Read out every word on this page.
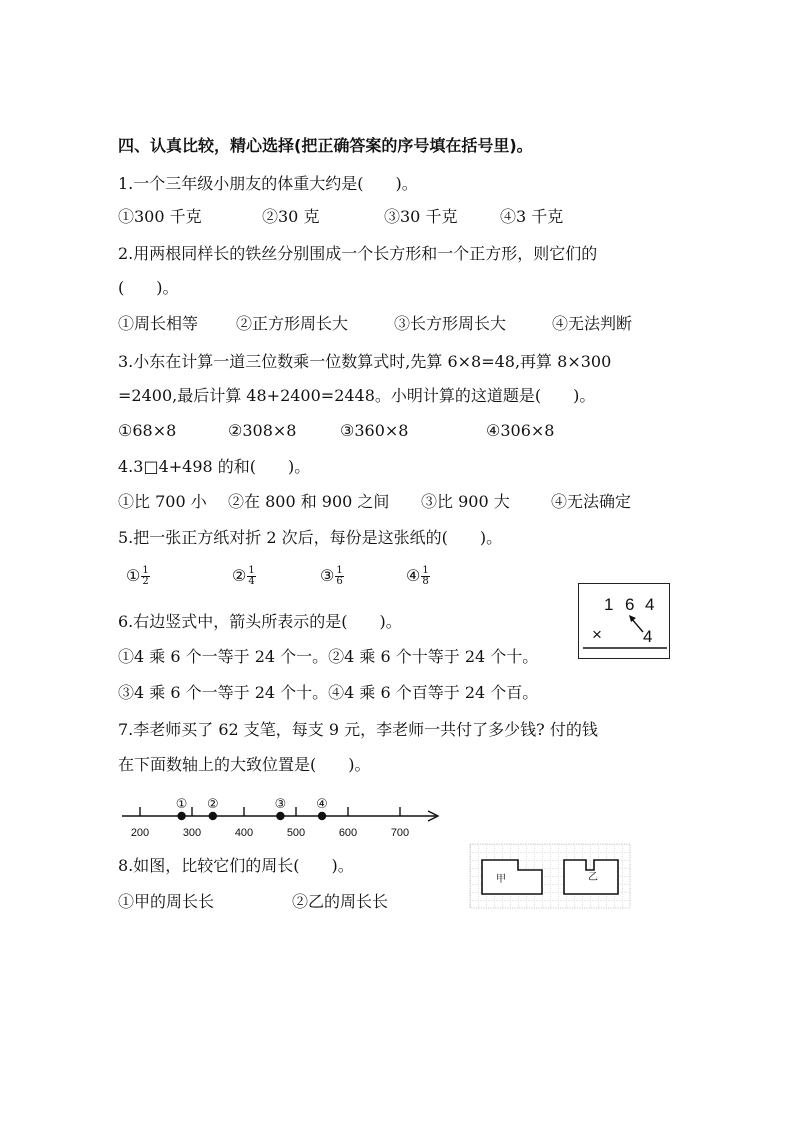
四、认真比较，精心选择(把正确答案的序号填在括号里)。
1.一个三年级小朋友的体重大约是(　　)。
①300 千克	②30 克	③30 千克	④3 千克
2.用两根同样长的铁丝分别围成一个长方形和一个正方形，则它们的
(　　)。
①周长相等 ②正方形周长大	③长方形周长大	④无法判断
3.小东在计算一道三位数乘一位数算式时,先算 6×8=48,再算 8×300
=2400,最后计算 48+2400=2448。小明计算的这道题是(　　)。
①68×8	②308×8	③360×8	④306×8
4.3□4+498 的和(　　)。
①比 700 小 ②在 800 和 900 之间 ③比 900 大	④无法确定
5.把一张正方纸对折 2 次后，每份是这张纸的(　　)。
① $\frac{1}{2}$	② $\frac{1}{4}$	③ $\frac{1}{6}$	④ $\frac{1}{8}$
1 6 4
× 4
6.右边竖式中，箭头所表示的是(　　)。
①4 乘 6 个一等于 24 个一。②4 乘 6 个十等于 24 个十。
③4 乘 6 个一等于 24 个十。④4 乘 6 个百等于 24 个百。
7.李老师买了 62 支笔，每支 9 元，李老师一共付了多少钱? 付的钱
在下面数轴上的大致位置是(　　)。
200	300	400	500	600	700
① ②	③ ④
8.如图，比较它们的周长(　　)。
①甲的周长长	②乙的周长长
甲	乙
